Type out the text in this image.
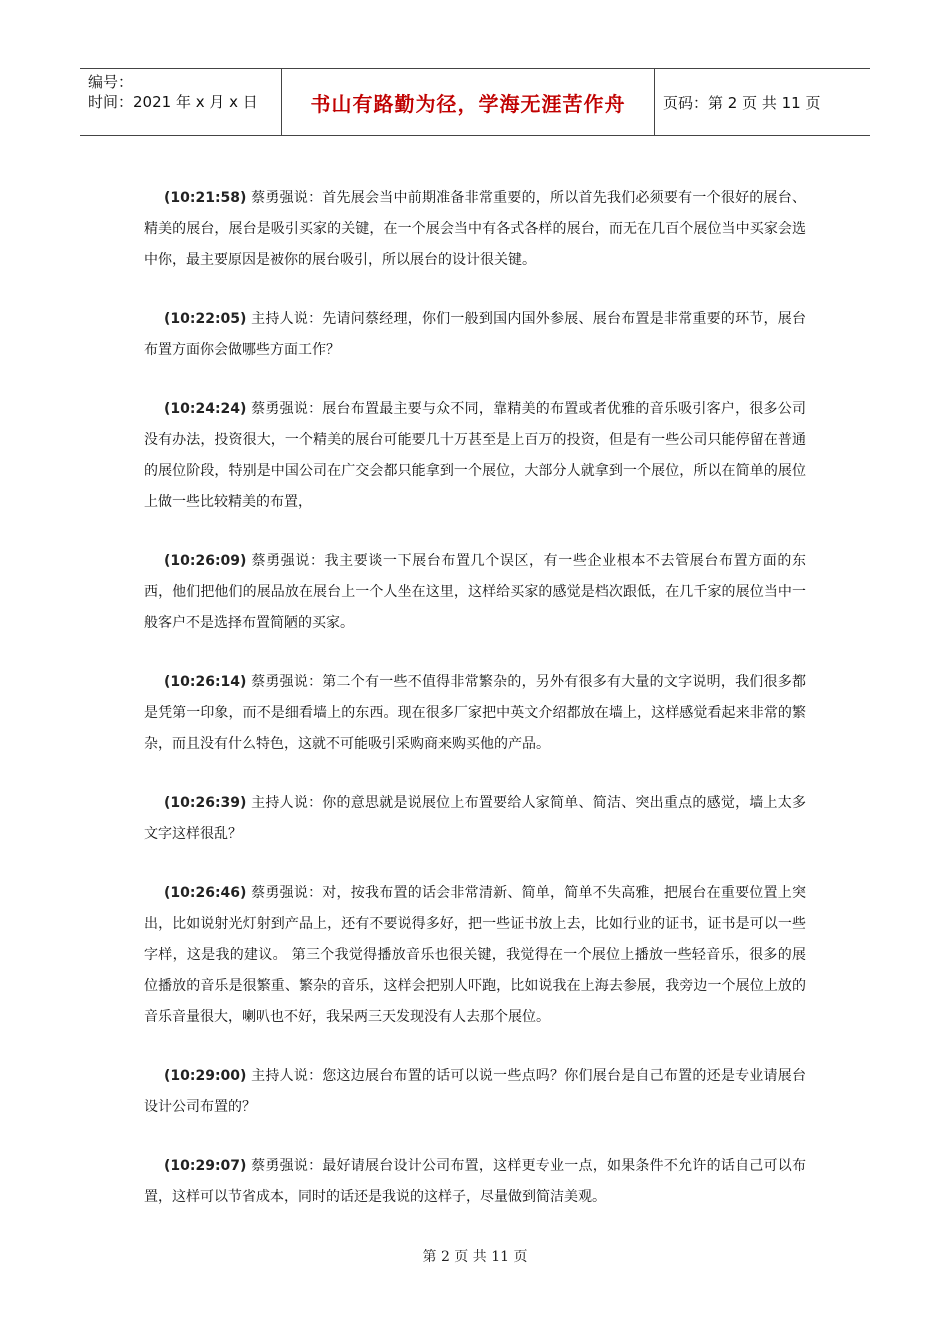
编号：
时间：2021 年 x 月 x 日	书山有路勤为径，学海无涯苦作舟	页码：第 2 页 共 11 页

(10:21:58) 蔡勇强说：首先展会当中前期准备非常重要的，所以首先我们必须要有一个很好的展台、精美的展台，展台是吸引买家的关键，在一个展会当中有各式各样的展台，而无在几百个展位当中买家会选中你，最主要原因是被你的展台吸引，所以展台的设计很关键。

(10:22:05) 主持人说：先请问蔡经理，你们一般到国内国外参展、展台布置是非常重要的环节，展台布置方面你会做哪些方面工作？

(10:24:24) 蔡勇强说：展台布置最主要与众不同，靠精美的布置或者优雅的音乐吸引客户，很多公司没有办法，投资很大，一个精美的展台可能要几十万甚至是上百万的投资，但是有一些公司只能停留在普通的展位阶段，特别是中国公司在广交会都只能拿到一个展位，大部分人就拿到一个展位，所以在简单的展位上做一些比较精美的布置，

(10:26:09) 蔡勇强说：我主要谈一下展台布置几个误区，有一些企业根本不去管展台布置方面的东西，他们把他们的展品放在展台上一个人坐在这里，这样给买家的感觉是档次跟低，在几千家的展位当中一般客户不是选择布置简陋的买家。

(10:26:14) 蔡勇强说：第二个有一些不值得非常繁杂的，另外有很多有大量的文字说明，我们很多都是凭第一印象，而不是细看墙上的东西。现在很多厂家把中英文介绍都放在墙上，这样感觉看起来非常的繁杂，而且没有什么特色，这就不可能吸引采购商来购买他的产品。

(10:26:39) 主持人说：你的意思就是说展位上布置要给人家简单、简洁、突出重点的感觉，墙上太多文字这样很乱？

(10:26:46) 蔡勇强说：对，按我布置的话会非常清新、简单，简单不失高雅，把展台在重要位置上突出，比如说射光灯射到产品上，还有不要说得多好，把一些证书放上去，比如行业的证书，证书是可以一些字样，这是我的建议。 第三个我觉得播放音乐也很关键，我觉得在一个展位上播放一些轻音乐，很多的展位播放的音乐是很繁重、繁杂的音乐，这样会把别人吓跑，比如说我在上海去参展，我旁边一个展位上放的音乐音量很大，喇叭也不好，我呆两三天发现没有人去那个展位。

(10:29:00) 主持人说：您这边展台布置的话可以说一些点吗？你们展台是自己布置的还是专业请展台设计公司布置的？

(10:29:07) 蔡勇强说：最好请展台设计公司布置，这样更专业一点，如果条件不允许的话自己可以布置，这样可以节省成本，同时的话还是我说的这样子，尽量做到简洁美观。

第 2 页 共 11 页
